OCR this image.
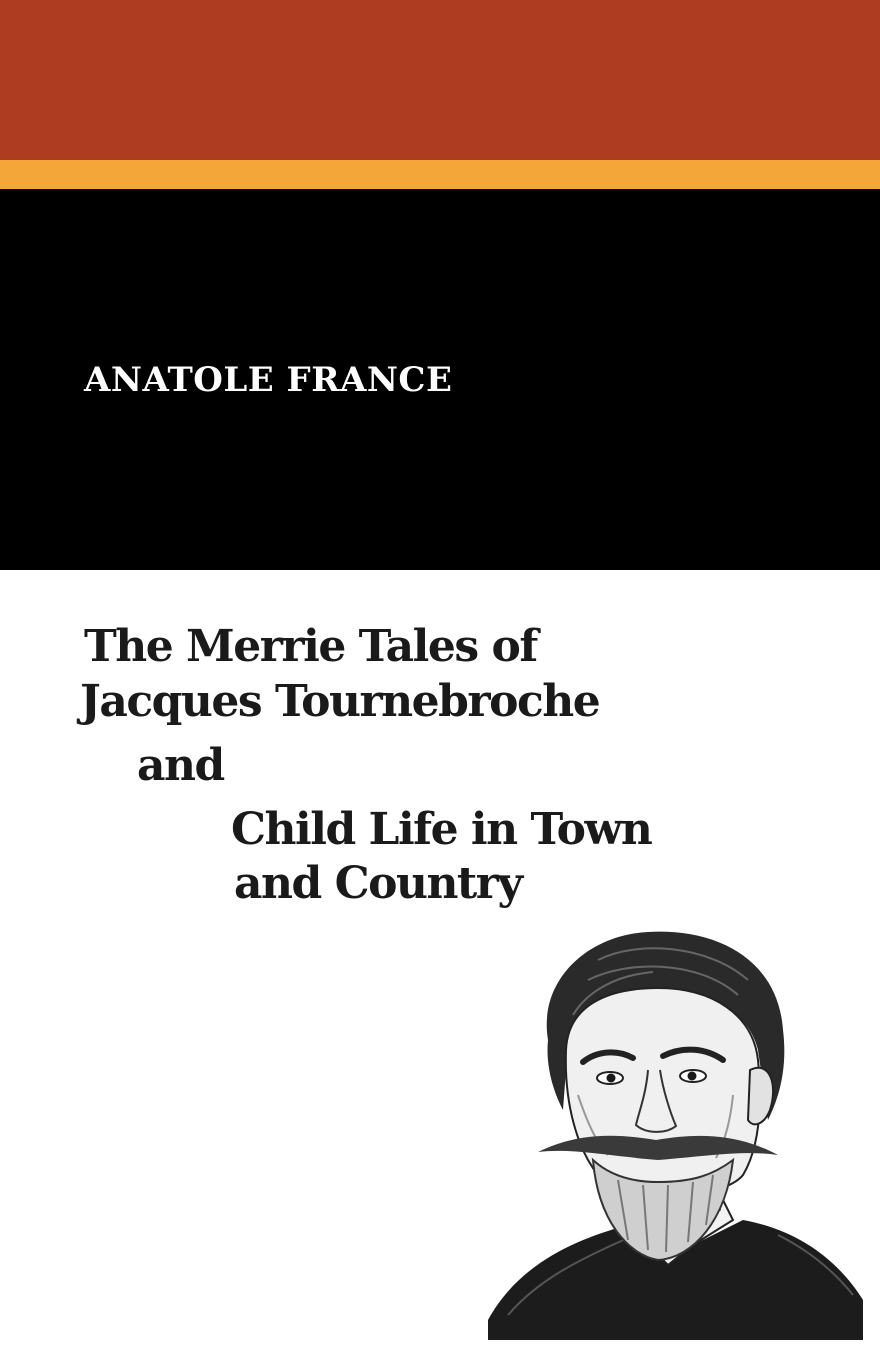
ANATOLE FRANCE

The Merrie Tales of

Jacques Tournebroche

and

Child Life in Town

and Country
